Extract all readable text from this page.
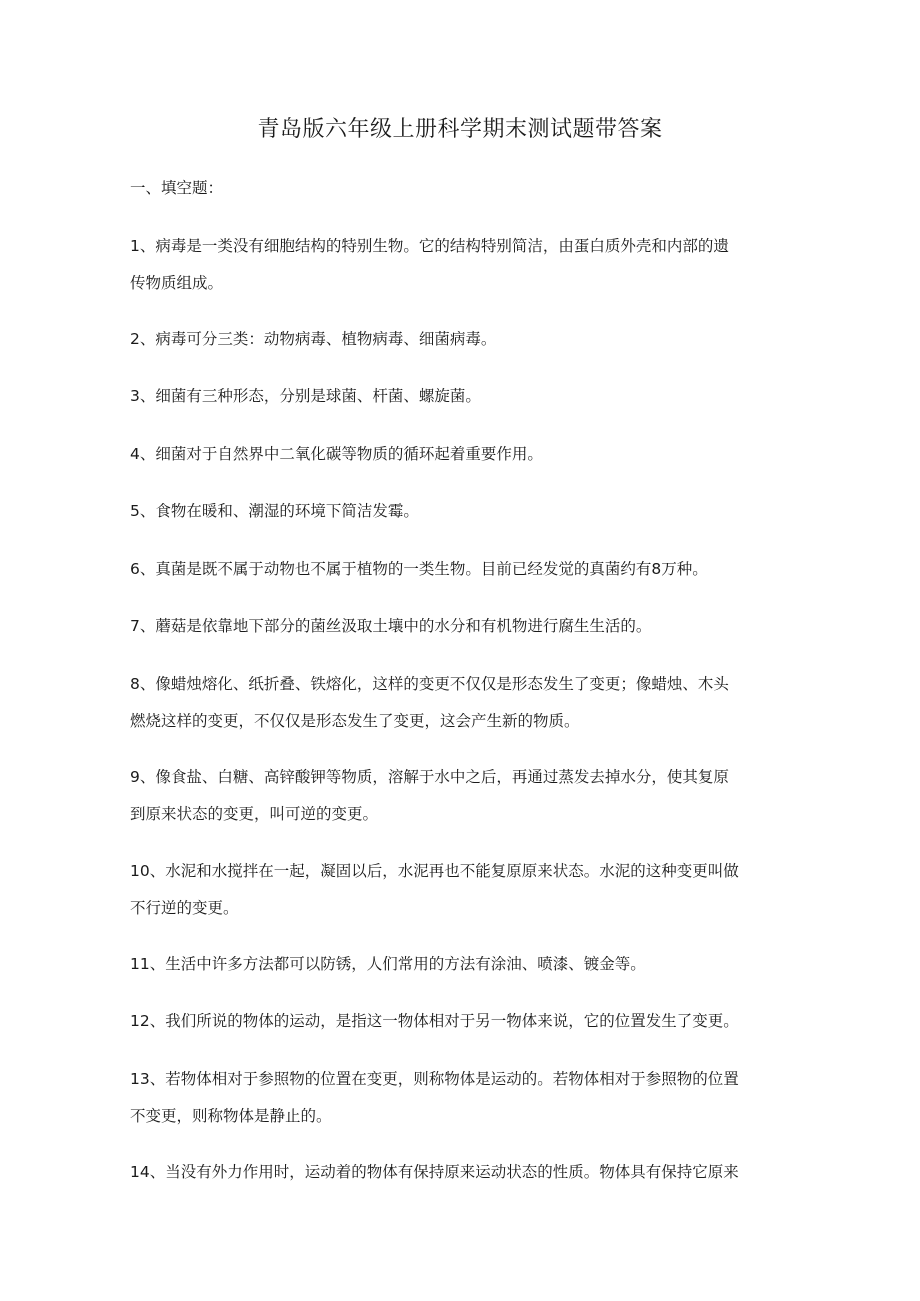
青岛版六年级上册科学期末测试题带答案

一、填空题：

1、病毒是一类没有细胞结构的特别生物。它的结构特别简洁，由蛋白质外壳和内部的遗
传物质组成。

2、病毒可分三类：动物病毒、植物病毒、细菌病毒。

3、细菌有三种形态，分别是球菌、杆菌、螺旋菌。

4、细菌对于自然界中二氧化碳等物质的循环起着重要作用。

5、食物在暖和、潮湿的环境下简洁发霉。

6、真菌是既不属于动物也不属于植物的一类生物。目前已经发觉的真菌约有8万种。

7、蘑菇是依靠地下部分的菌丝汲取土壤中的水分和有机物进行腐生生活的。

8、像蜡烛熔化、纸折叠、铁熔化，这样的变更不仅仅是形态发生了变更；像蜡烛、木头
燃烧这样的变更，不仅仅是形态发生了变更，这会产生新的物质。

9、像食盐、白糖、高锌酸钾等物质，溶解于水中之后，再通过蒸发去掉水分，使其复原
到原来状态的变更，叫可逆的变更。

10、水泥和水搅拌在一起，凝固以后，水泥再也不能复原原来状态。水泥的这种变更叫做
不行逆的变更。

11、生活中许多方法都可以防锈，人们常用的方法有涂油、喷漆、镀金等。

12、我们所说的物体的运动，是指这一物体相对于另一物体来说，它的位置发生了变更。

13、若物体相对于参照物的位置在变更，则称物体是运动的。若物体相对于参照物的位置
不变更，则称物体是静止的。

14、当没有外力作用时，运动着的物体有保持原来运动状态的性质。物体具有保持它原来
